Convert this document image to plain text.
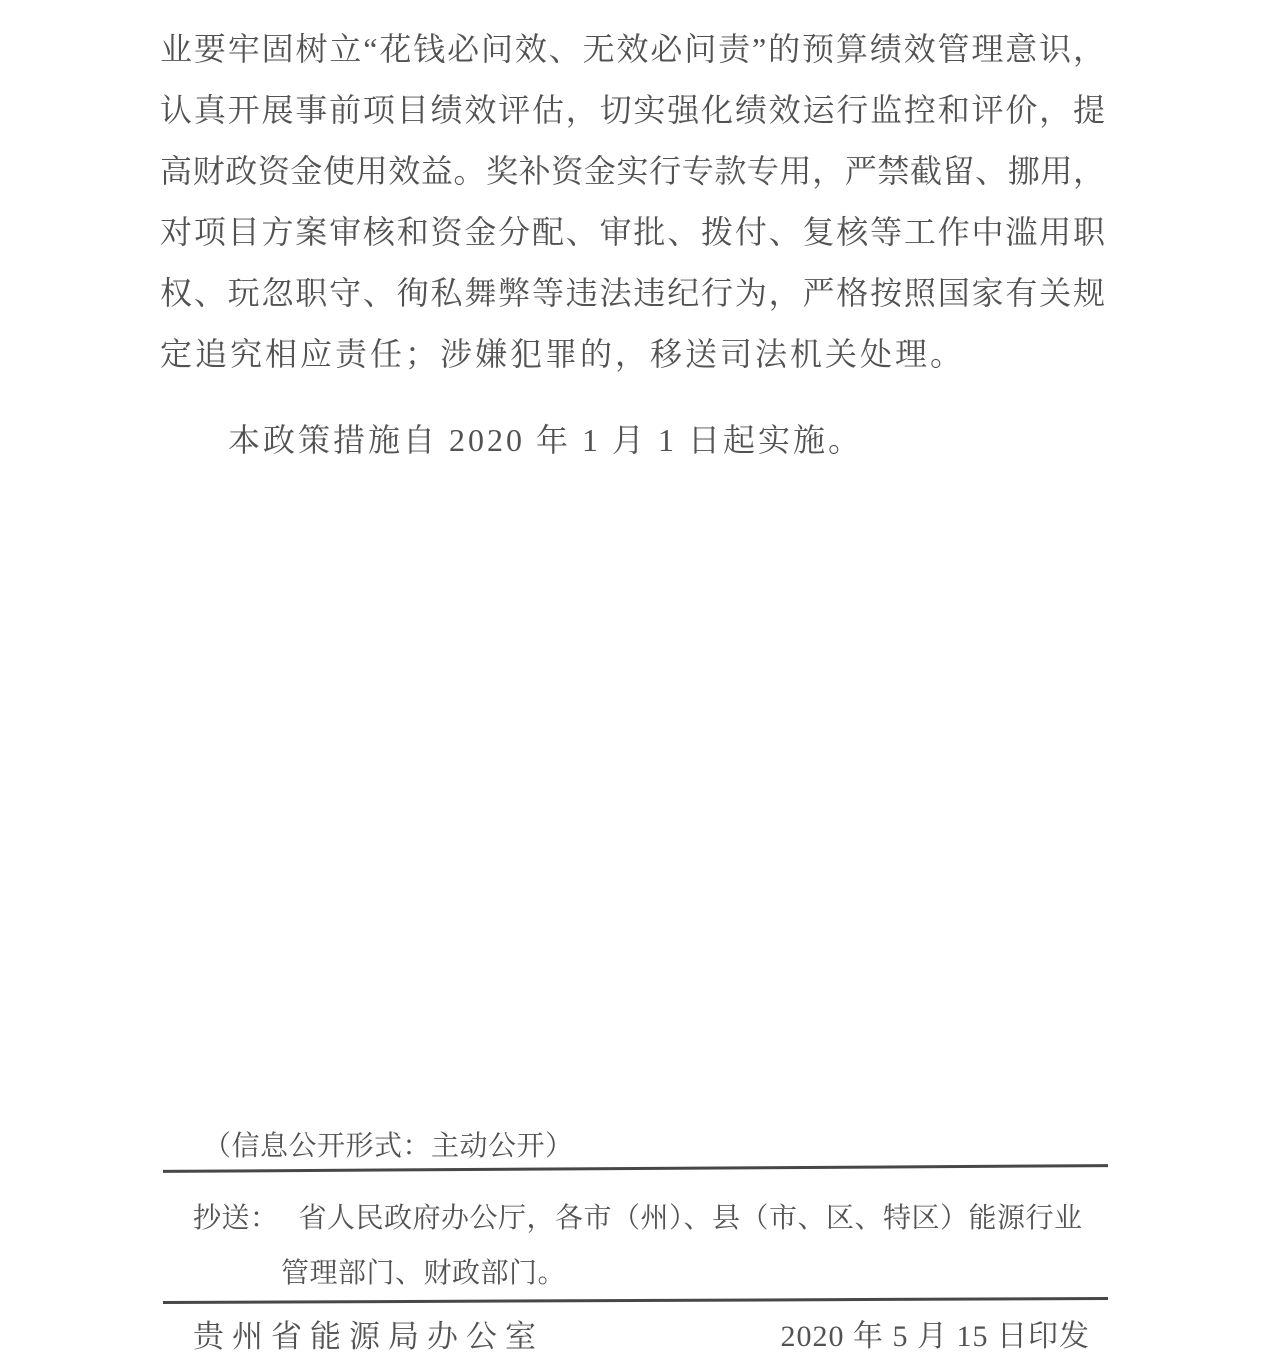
业要牢固树立“花钱必问效、无效必问责”的预算绩效管理意识，
认真开展事前项目绩效评估，切实强化绩效运行监控和评价，提
高财政资金使用效益。奖补资金实行专款专用，严禁截留、挪用，
对项目方案审核和资金分配、审批、拨付、复核等工作中滥用职
权、玩忽职守、徇私舞弊等违法违纪行为，严格按照国家有关规
定追究相应责任；涉嫌犯罪的，移送司法机关处理。
本政策措施自 2020 年 1 月 1 日起实施。
（信息公开形式：主动公开）
抄送： 省人民政府办公厅，各市（州）、县（市、区、特区）能源行业
管理部门、财政部门。
贵州省能源局办公室	2020 年 5 月 15 日印发
